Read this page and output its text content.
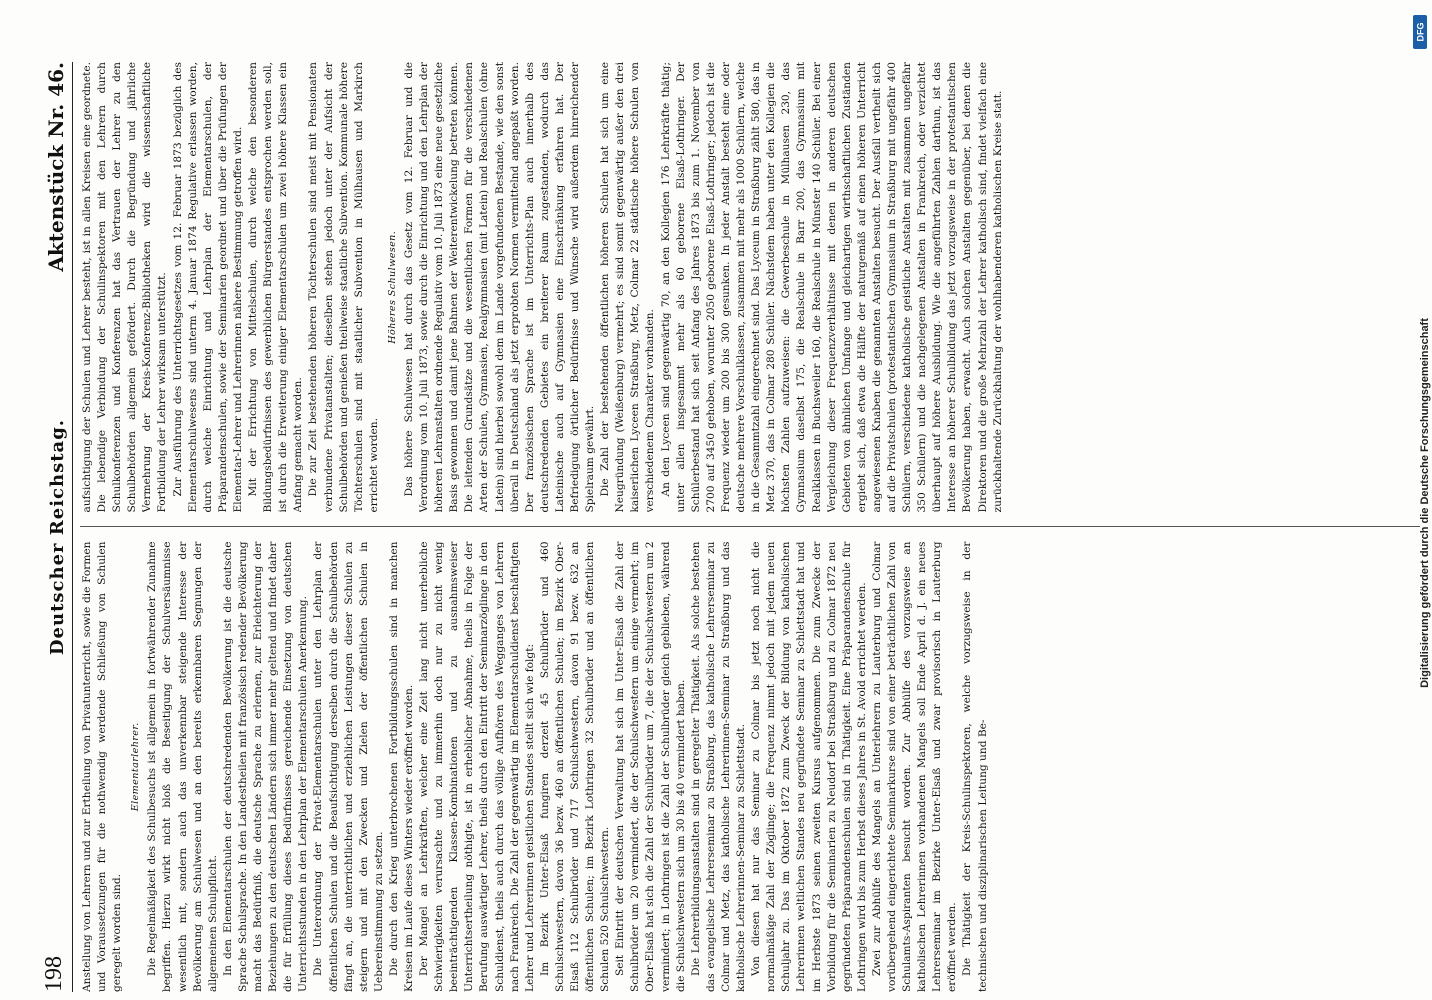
198
Deutscher Reichstag.
Aktenstück Nr. 46.

Anstellung von Lehrern und zur Ertheilung von Privatunterricht, sowie die Formen und Voraussetzungen für die nothwendig werdende Schließung von Schulen geregelt worden sind.

Elementarlehrer. Die Regelmäßigkeit des Schulbesuchs ist allgemein in fortwährender Zunahme begriffen. Hierzu wirkt nicht bloß die Beseitigung der Schulversäumnisse wesentlich mit, sondern auch das unverkennbar steigende Interesse der Bevölkerung am Schulwesen und an den bereits erkennbaren Segnungen der allgemeinen Schulpflicht. In den Elementarschulen der deutschredenden Bevölkerung ist die deutsche Sprache Schulsprache. In den Landestheilen mit französisch redender Bevölkerung macht das Bedürfniß, die deutsche Sprache zu erlernen, zur Erleichterung der Beziehungen zu den deutschen Ländern sich immer mehr geltend und findet daher die für Erfüllung dieses Bedürfnisses gereichende Einsetzung von deutschen Unterrichtsstunden in den Lehrplan der Elementarschulen Anerkennung. Die Unterordnung der Privat-Elementarschulen unter den Lehrplan der öffentlichen Schulen und die Beaufsichtigung derselben durch die Schulbehörden fängt an, die unterrichtlichen und erziehlichen Leistungen dieser Schulen zu steigern und mit den Zwecken und Zielen der öffentlichen Schulen in Uebereinstimmung zu setzen. Die durch den Krieg unterbrochenen Fortbildungsschulen sind in manchen Kreisen im Laufe dieses Winters wieder eröffnet worden. Der Mangel an Lehrkräften, welcher eine Zeit lang nicht unerhebliche Schwierigkeiten verursachte und zu immerhin doch nur zu nicht wenig beeinträchtigenden Klassen-Kombinationen und zu ausnahmsweiser Unterrichtsertheilung nöthigte, ist in erheblicher Abnahme, theils in Folge der Berufung auswärtiger Lehrer, theils durch den Eintritt der Seminarzöglinge in den Schuldienst, theils auch durch das völlige Aufhören des Wegganges von Lehrern nach Frankreich. Die Zahl der gegenwärtig im Elementarschuldienst beschäftigten Lehrer und Lehrerinnen geistlichen Standes stellt sich wie folgt: Im Bezirk Unter-Elsaß fungiren derzeit 45 Schulbrüder und 460 Schulschwestern, davon 36 bezw. 460 an öffentlichen Schulen; im Bezirk Ober-Elsaß 112 Schulbrüder und 717 Schulschwestern, davon 91 bezw. 632 an öffentlichen Schulen; im Bezirk Lothringen 32 Schulbrüder und an öffentlichen Schulen 520 Schulschwestern. Seit Eintritt der deutschen Verwaltung hat sich im Unter-Elsaß die Zahl der Schulbrüder um 20 vermindert, die der Schulschwestern um einige vermehrt; im Ober-Elsaß hat sich die Zahl der Schulbrüder um 7, die der Schulschwestern um 2 vermindert; in Lothringen ist die Zahl der Schulbrüder gleich geblieben, während die Schulschwestern sich um 30 bis 40 vermindert haben. Die Lehrerbildungsanstalten sind in geregelter Thätigkeit. Als solche bestehen das evangelische Lehrerseminar zu Straßburg, das katholische Lehrerseminar zu Colmar und Metz, das katholische Lehrerinnen-Seminar zu Straßburg und das katholische Lehrerinnen-Seminar zu Schlettstadt. Von diesen hat nur das Seminar zu Colmar bis jetzt noch nicht die normalmäßige Zahl der Zöglinge; die Frequenz nimmt jedoch mit jedem neuen Schuljahr zu. Das im Oktober 1872 zum Zweck der Bildung von katholischen Lehrerinnen weltlichen Standes neu gegründete Seminar zu Schlettstadt hat und im Herbste 1873 seinen zweiten Kursus aufgenommen. Die zum Zwecke der Vorbildung für die Seminarien zu Neudorf bei Straßburg und zu Colmar 1872 neu gegründeten Präparandenschulen sind in Thätigkeit. Eine Präparandenschule für Lothringen wird bis zum Herbst dieses Jahres in St. Avold errichtet werden. Zwei zur Abhülfe des Mangels an Unterlehrern zu Lauterburg und Colmar vorübergehend eingerichtete Seminarkurse sind von einer beträchtlichen Zahl von Schulamts-Aspiranten besucht worden. Zur Abhülfe des vorzugsweise an katholischen Lehrerinnen vorhandenen Mangels soll Ende April d. J. ein neues Lehrerseminar im Bezirke Unter-Elsaß und zwar provisorisch in Lauterburg eröffnet werden. Die Thätigkeit der Kreis-Schulinspektoren, welche vorzugsweise in der technischen und disziplinarischen Leitung und Be-

aufsichtigung der Schulen und Lehrer besteht, ist in allen Kreisen eine geordnete. Die lebendige Verbindung der Schulinspektoren mit den Lehrern durch Schulkonferenzen und Konferenzen hat das Vertrauen der Lehrer zu den Schulbehörden allgemein gefördert. Durch die Begründung und jährliche Vermehrung der Kreis-Konferenz-Bibliotheken wird die wissenschaftliche Fortbildung der Lehrer wirksam unterstützt. Zur Ausführung des Unterrichtsgesetzes vom 12. Februar 1873 bezüglich des Elementarschulwesens sind unterm 4. Januar 1874 Regulative erlassen worden, durch welche Einrichtung und Lehrplan der Elementarschulen, der Präparandenschulen, sowie der Seminarien geordnet und über die Prüfungen der Elementar-Lehrer und Lehrerinnen nähere Bestimmung getroffen wird. Mit der Errichtung von Mittelschulen, durch welche den besonderen Bildungsbedürfnissen des gewerblichen Bürgerstandes entsprochen werden soll, ist durch die Erweiterung einiger Elementarschulen um zwei höhere Klassen ein Anfang gemacht worden. Die zur Zeit bestehenden höheren Töchterschulen sind meist mit Pensionaten verbundene Privatanstalten; dieselben stehen jedoch unter der Aufsicht der Schulbehörden und genießen theilweise staatliche Subvention. Kommunale höhere Töchterschulen sind mit staatlicher Subvention in Mülhausen und Markirch errichtet worden.

Höheres Schulwesen. Das höhere Schulwesen hat durch das Gesetz vom 12. Februar und die Verordnung vom 10. Juli 1873, sowie durch die Einrichtung und den Lehrplan der höheren Lehranstalten ordnende Regulativ vom 10. Juli 1873 eine neue gesetzliche Basis gewonnen und damit jene Bahnen der Weiterentwickelung betreten können. Die leitenden Grundsätze und die wesentlichen Formen für die verschiedenen Arten der Schulen, Gymnasien, Realgymnasien (mit Latein) und Realschulen (ohne Latein) sind hierbei sowohl dem im Lande vorgefundenen Bestande, wie den sonst überall in Deutschland als jetzt erprobten Normen vermittelnd angepaßt worden. Der französischen Sprache ist im Unterrichts-Plan auch innerhalb des deutschredenden Gebietes ein breiterer Raum zugestanden, wodurch das Lateinische auch auf Gymnasien eine Einschränkung erfahren hat. Der Befriedigung örtlicher Bedürfnisse und Wünsche wird außerdem hinreichender Spielraum gewährt. Die Zahl der bestehenden öffentlichen höheren Schulen hat sich um eine Neugründung (Weißenburg) vermehrt; es sind somit gegenwärtig außer den drei kaiserlichen Lyceen Straßburg, Metz, Colmar 22 städtische höhere Schulen von verschiedenem Charakter vorhanden. An den Lyceen sind gegenwärtig 70, an den Kollegien 176 Lehrkräfte thätig; unter allen insgesammt mehr als 60 geborene Elsaß-Lothringer. Der Schülerbestand hat sich seit Anfang des Jahres 1873 bis zum 1. November von 2700 auf 3450 gehoben, worunter 2050 geborene Elsaß-Lothringer; jedoch ist die Frequenz wieder um 200 bis 300 gesunken. In jeder Anstalt besteht eine oder deutsche mehrere Vorschulklassen, zusammen mit mehr als 1000 Schülern, welche in die Gesammtzahl eingerechnet sind. Das Lyceum in Straßburg zählt 580, das in Metz 370, das in Colmar 280 Schüler. Nächstdem haben unter den Kollegien die höchsten Zahlen aufzuweisen: die Gewerbeschule in Mülhausen 230, das Gymnasium daselbst 175, die Realschule in Barr 200, das Gymnasium mit Realklassen in Buchsweiler 160, die Realschule in Münster 140 Schüler. Bei einer Vergleichung dieser Frequenzverhältnisse mit denen in anderen deutschen Gebieten von ähnlichen Umfange und gleichartigen wirthschaftlichen Zuständen ergiebt sich, daß etwa die Hälfte der naturgemäß auf einen höheren Unterricht angewiesenen Knaben die genannten Anstalten besucht. Der Ausfall vertheilt sich auf die Privatschulen (protestantischen Gymnasium in Straßburg mit ungefähr 400 Schülern, verschiedene katholische geistliche Anstalten mit zusammen ungefähr 350 Schülern) und die nachgelegenen Anstalten in Frankreich, oder verzichtet überhaupt auf höhere Ausbildung. Wie die angeführten Zahlen darthun, ist das Interesse an höherer Schulbildung das jetzt vorzugsweise in der protestantischen Bevölkerung haben, erwacht. Auch solchen Anstalten gegenüber, bei denen die Direktoren und die große Mehrzahl der Lehrer katholisch sind, findet vielfach eine zurückhaltende Zurückhaltung der wohlhabenderen katholischen Kreise statt.	Digitalisierung gefördert durch die Deutsche Forschungsgemeinschaft
DFG
